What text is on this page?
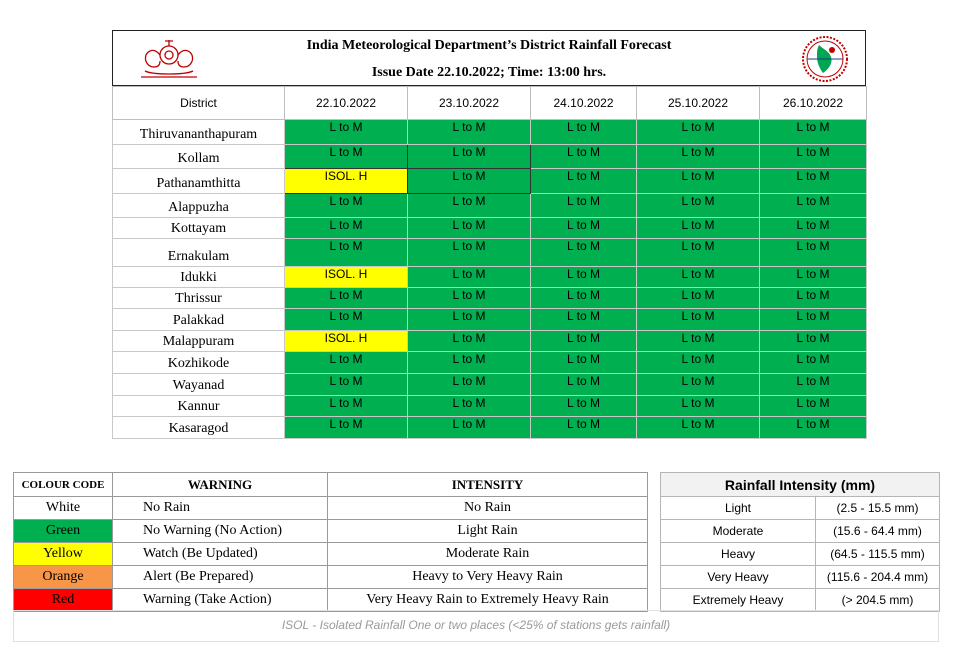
India Meteorological Department’s District Rainfall Forecast
Issue Date 22.10.2022; Time: 13:00 hrs.
District	22.10.2022	23.10.2022	24.10.2022	25.10.2022	26.10.2022
Thiruvananthapuram	L to M	L to M	L to M	L to M	L to M
Kollam	L to M	L to M	L to M	L to M	L to M
Pathanamthitta	ISOL. H	L to M	L to M	L to M	L to M
Alappuzha	L to M	L to M	L to M	L to M	L to M
Kottayam	L to M	L to M	L to M	L to M	L to M
Ernakulam	L to M	L to M	L to M	L to M	L to M
Idukki	ISOL. H	L to M	L to M	L to M	L to M
Thrissur	L to M	L to M	L to M	L to M	L to M
Palakkad	L to M	L to M	L to M	L to M	L to M
Malappuram	ISOL. H	L to M	L to M	L to M	L to M
Kozhikode	L to M	L to M	L to M	L to M	L to M
Wayanad	L to M	L to M	L to M	L to M	L to M
Kannur	L to M	L to M	L to M	L to M	L to M
Kasaragod	L to M	L to M	L to M	L to M	L to M
COLOUR CODE	WARNING	INTENSITY
White	No Rain	No Rain
Green	No Warning (No Action)	Light Rain
Yellow	Watch (Be Updated)	Moderate Rain
Orange	Alert (Be Prepared)	Heavy to Very Heavy Rain
Red	Warning (Take Action)	Very Heavy Rain to Extremely Heavy Rain
Rainfall Intensity (mm)	
Light	(2.5 - 15.5 mm)
Moderate	(15.6 - 64.4 mm)
Heavy	(64.5 - 115.5 mm)
Very Heavy	(115.6 - 204.4 mm)
Extremely Heavy	(> 204.5 mm)
ISOL - Isolated Rainfall One or two places (<25% of stations gets rainfall)
